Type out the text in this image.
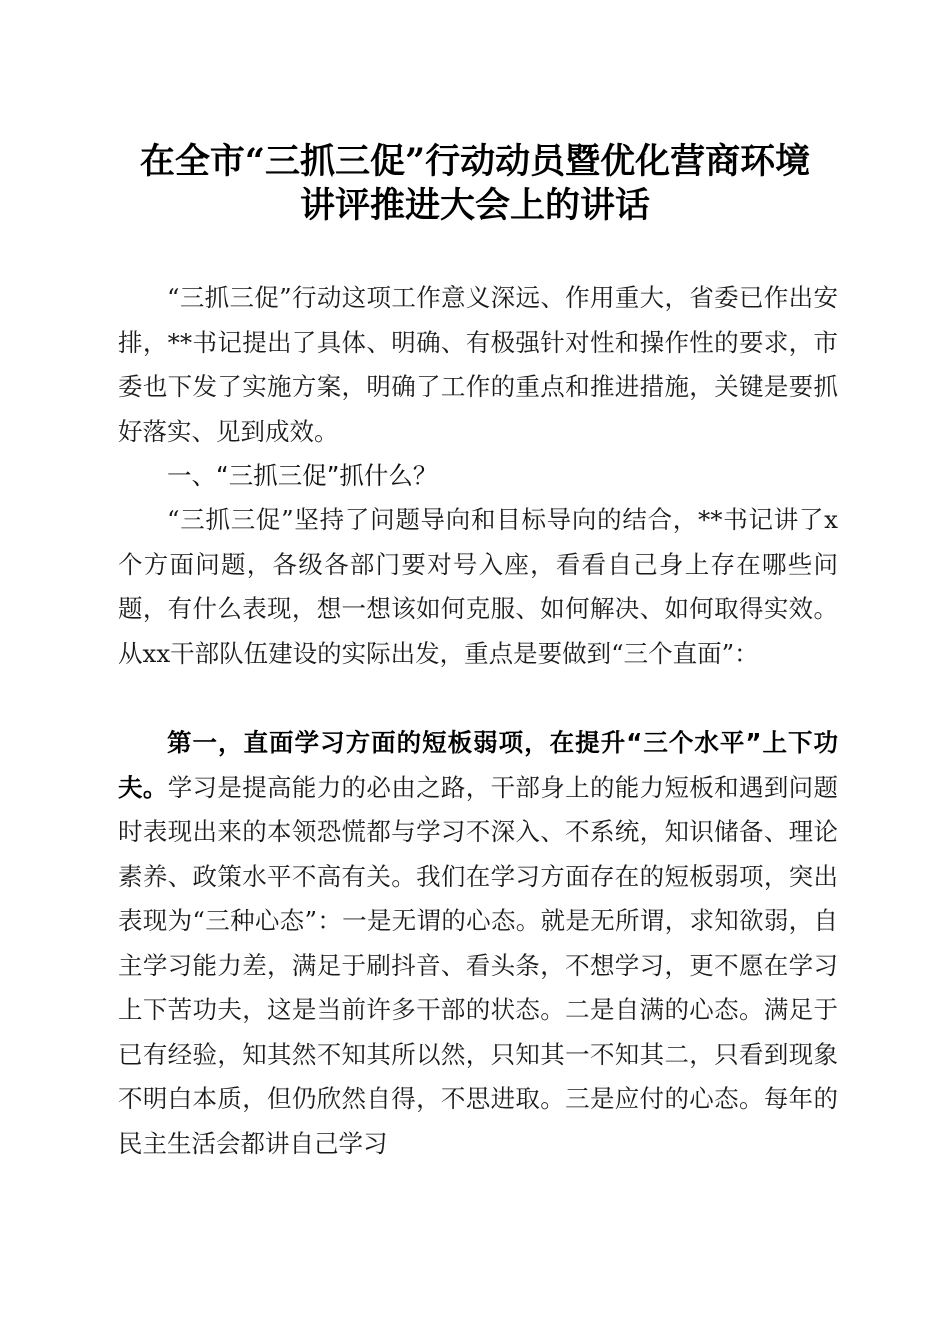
在全市“三抓三促”行动动员暨优化营商环境
讲评推进大会上的讲话
“三抓三促”行动这项工作意义深远、作用重大，省委已作出安排，**书记提出了具体、明确、有极强针对性和操作性的要求，市委也下发了实施方案，明确了工作的重点和推进措施，关键是要抓好落实、见到成效。
一、“三抓三促”抓什么？
“三抓三促”坚持了问题导向和目标导向的结合，**书记讲了x个方面问题，各级各部门要对号入座，看看自己身上存在哪些问题，有什么表现，想一想该如何克服、如何解决、如何取得实效。从xx干部队伍建设的实际出发，重点是要做到“三个直面”：
第一，直面学习方面的短板弱项，在提升“三个水平”上下功夫。学习是提高能力的必由之路，干部身上的能力短板和遇到问题时表现出来的本领恐慌都与学习不深入、不系统，知识储备、理论素养、政策水平不高有关。我们在学习方面存在的短板弱项，突出表现为“三种心态”：一是无谓的心态。就是无所谓，求知欲弱，自主学习能力差，满足于刷抖音、看头条，不想学习，更不愿在学习上下苦功夫，这是当前许多干部的状态。二是自满的心态。满足于已有经验，知其然不知其所以然，只知其一不知其二，只看到现象不明白本质，但仍欣然自得，不思进取。三是应付的心态。每年的民主生活会都讲自己学习
